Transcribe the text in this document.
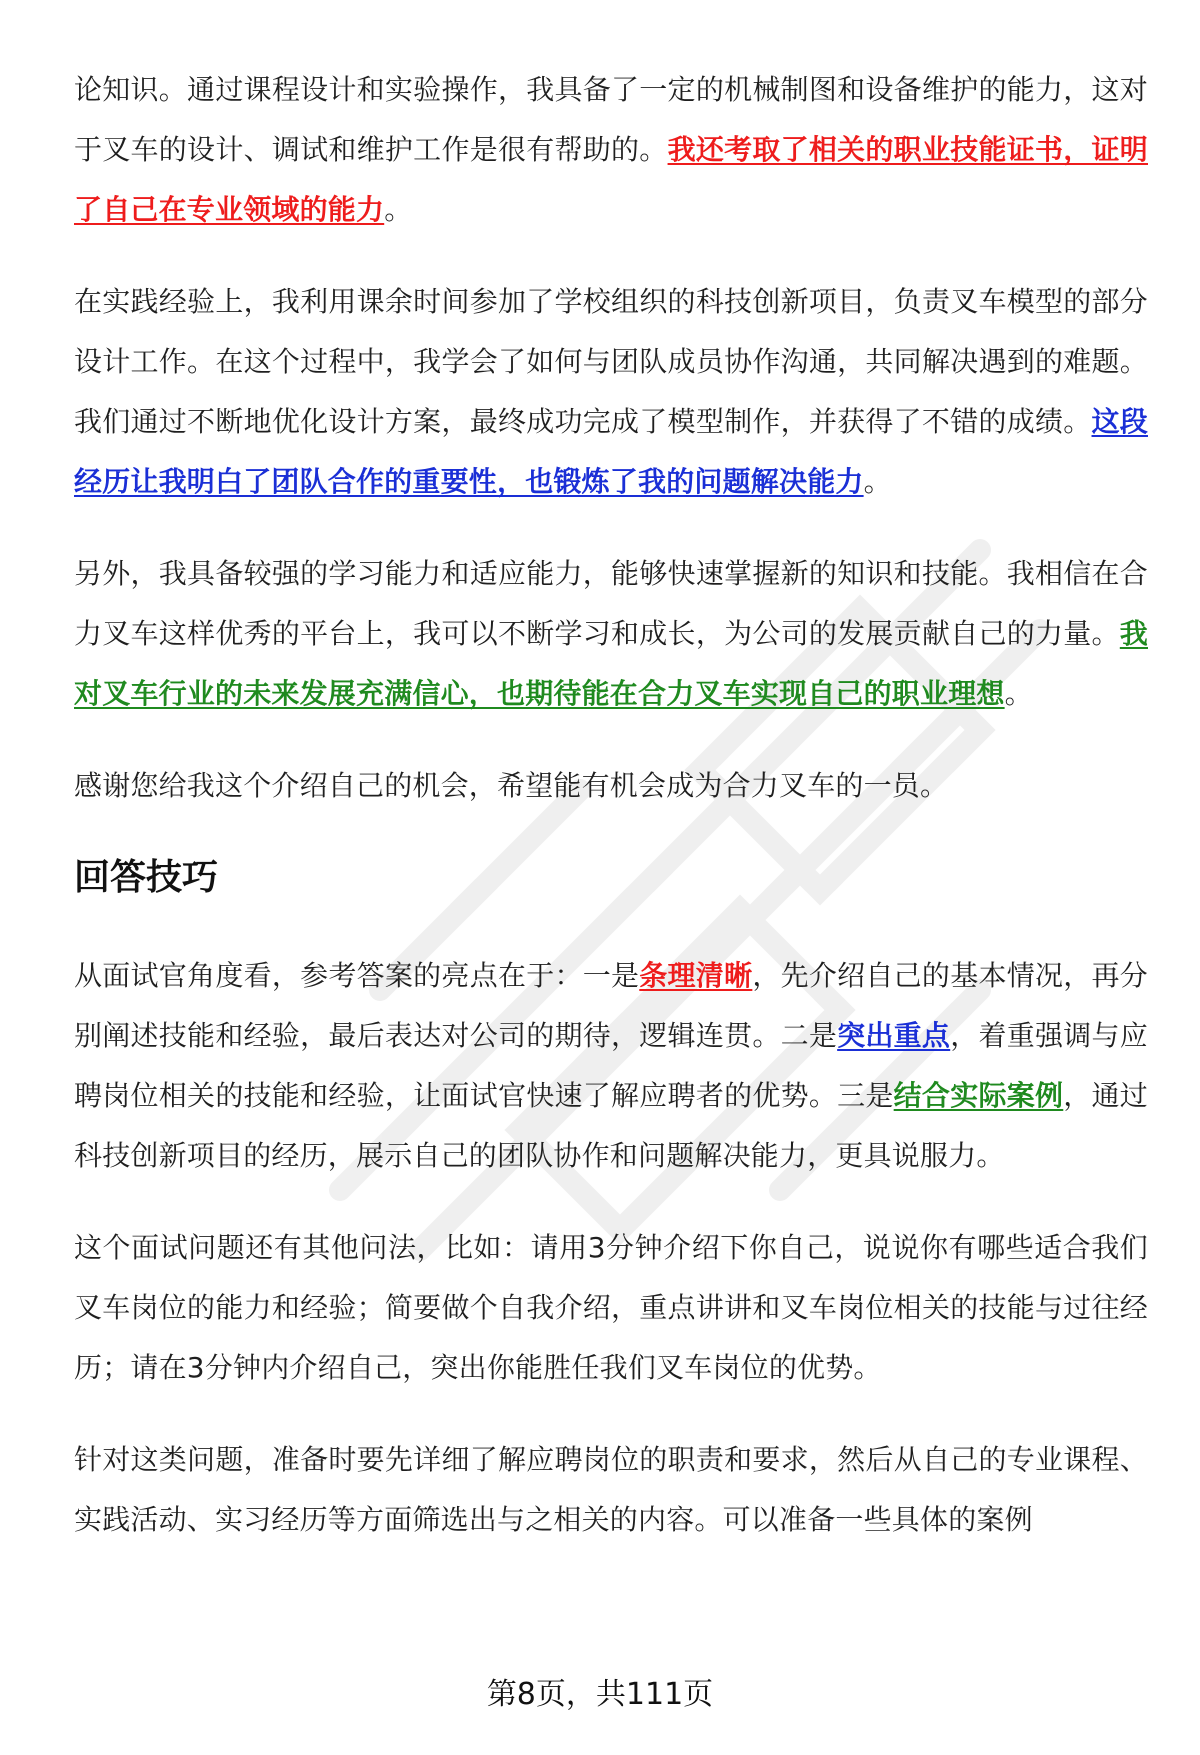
论知识。通过课程设计和实验操作，我具备了一定的机械制图和设备维护的能力，这对于叉车的设计、调试和维护工作是很有帮助的。我还考取了相关的职业技能证书，证明了自己在专业领域的能力。

在实践经验上，我利用课余时间参加了学校组织的科技创新项目，负责叉车模型的部分设计工作。在这个过程中，我学会了如何与团队成员协作沟通，共同解决遇到的难题。我们通过不断地优化设计方案，最终成功完成了模型制作，并获得了不错的成绩。这段经历让我明白了团队合作的重要性，也锻炼了我的问题解决能力。

另外，我具备较强的学习能力和适应能力，能够快速掌握新的知识和技能。我相信在合力叉车这样优秀的平台上，我可以不断学习和成长，为公司的发展贡献自己的力量。我对叉车行业的未来发展充满信心，也期待能在合力叉车实现自己的职业理想。

感谢您给我这个介绍自己的机会，希望能有机会成为合力叉车的一员。

回答技巧

从面试官角度看，参考答案的亮点在于：一是条理清晰，先介绍自己的基本情况，再分别阐述技能和经验，最后表达对公司的期待，逻辑连贯。二是突出重点，着重强调与应聘岗位相关的技能和经验，让面试官快速了解应聘者的优势。三是结合实际案例，通过科技创新项目的经历，展示自己的团队协作和问题解决能力，更具说服力。

这个面试问题还有其他问法，比如：请用3分钟介绍下你自己，说说你有哪些适合我们叉车岗位的能力和经验；简要做个自我介绍，重点讲讲和叉车岗位相关的技能与过往经历；请在3分钟内介绍自己，突出你能胜任我们叉车岗位的优势。

针对这类问题，准备时要先详细了解应聘岗位的职责和要求，然后从自己的专业课程、实践活动、实习经历等方面筛选出与之相关的内容。可以准备一些具体的案例

第8页，共111页
